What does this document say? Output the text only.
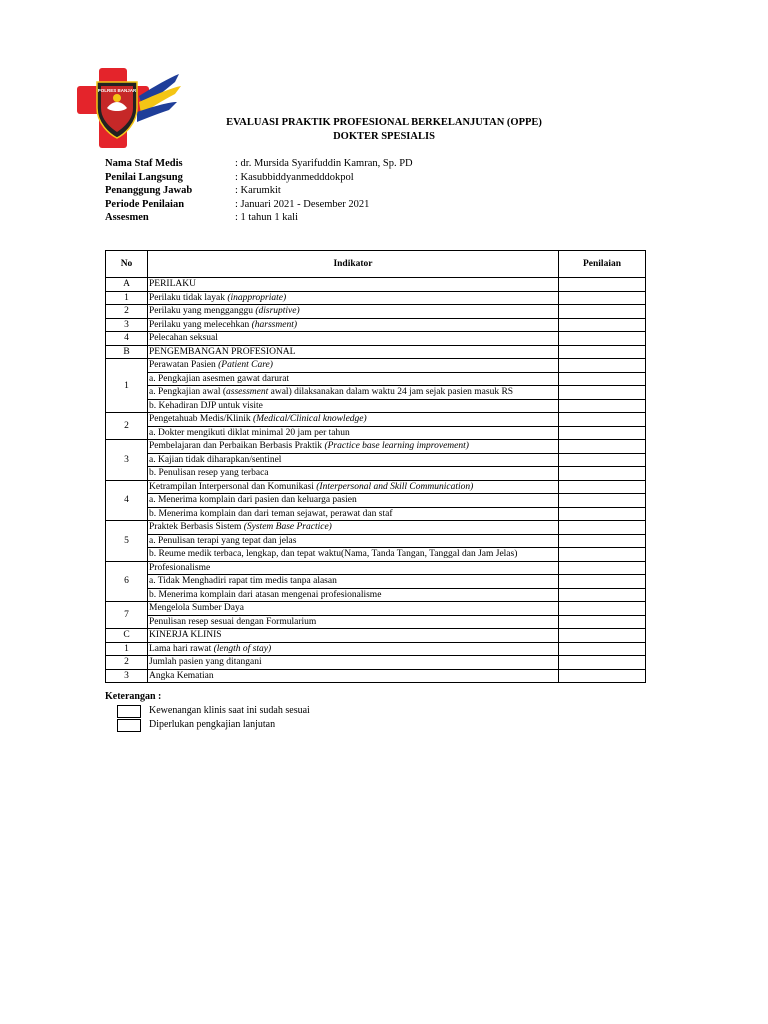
POLRES BANJAR
EVALUASI PRAKTIK PROFESIONAL BERKELANJUTAN (OPPE)
DOKTER SPESIALIS
Nama Staf Medis	: dr. Mursida Syarifuddin Kamran, Sp. PD
Penilai Langsung	: Kasubbiddyanmedddokpol
Penanggung Jawab	: Karumkit
Periode Penilaian	: Januari 2021 - Desember 2021
Assesmen	: 1 tahun 1 kali
No	Indikator	Penilaian
A	PERILAKU	
1	Perilaku tidak layak (inappropriate)	
2	Perilaku yang mengganggu (disruptive)	
3	Perilaku yang melecehkan (harssment)	
4	Pelecahan seksual	
B	PENGEMBANGAN PROFESIONAL	
1	Perawatan Pasien (Patient Care)	
	a. Pengkajian asesmen gawat darurat	
	a. Pengkajian awal (assessment awal) dilaksanakan dalam waktu 24 jam sejak pasien masuk RS	
	b. Kehadiran DJP untuk visite	
2	Pengetahuab Medis/Klinik (Medical/Clinical knowledge)	
	a. Dokter mengikuti diklat minimal 20 jam per tahun	
3	Pembelajaran dan Perbaikan Berbasis Praktik (Practice base learning improvement)	
	a. Kajian tidak diharapkan/sentinel	
	b. Penulisan resep yang terbaca	
4	Ketrampilan Interpersonal dan Komunikasi (Interpersonal and Skill Communication)	
	a. Menerima komplain dari pasien dan keluarga pasien	
	b. Menerima komplain dan dari teman sejawat, perawat dan staf	
5	Praktek Berbasis Sistem (System Base Practice)	
	a. Penulisan terapi yang tepat dan jelas	
	b. Reume medik terbaca, lengkap, dan tepat waktu(Nama, Tanda Tangan, Tanggal dan Jam Jelas)	
6	Profesionalisme	
	a. Tidak Menghadiri rapat tim medis tanpa alasan	
	b. Menerima komplain dari atasan mengenai profesionalisme	
7	Mengelola Sumber Daya	
	Penulisan resep sesuai dengan Formularium	
C	KINERJA KLINIS	
1	Lama hari rawat (length of stay)	
2	Jumlah pasien yang ditangani	
3	Angka Kematian	
Keterangan :
Kewenangan klinis saat ini sudah sesuai
Diperlukan pengkajian lanjutan
